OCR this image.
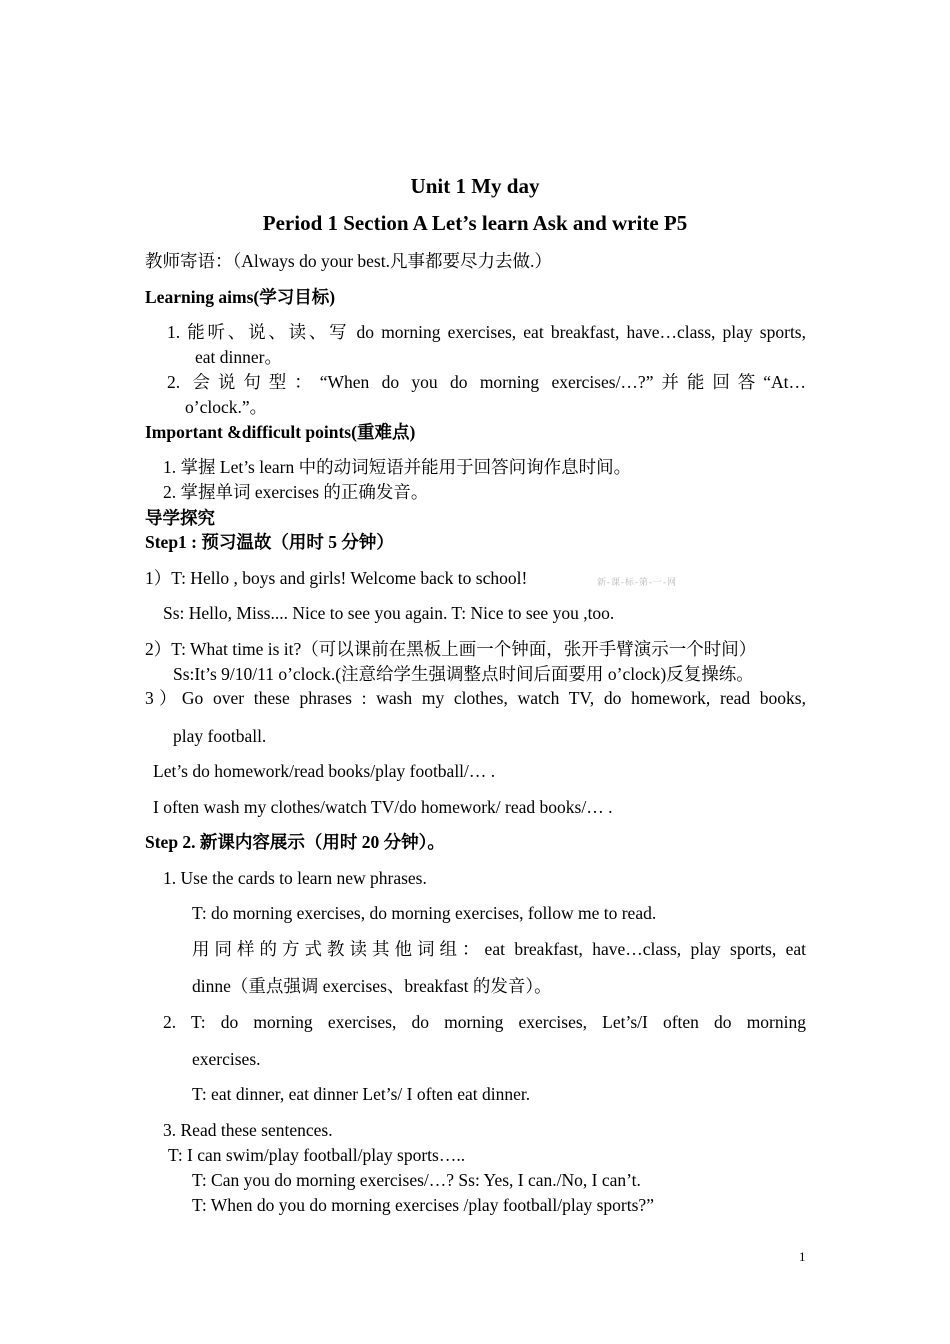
Unit 1 My day
Period 1 Section A Let’s learn Ask and write P5
教师寄语：（Always do your best.凡事都要尽力去做.）
Learning aims(学习目标)
1. 能听、说、读、写 do morning exercises, eat breakfast, have…class, play sports,
eat dinner。
2. 会说句型：“When do you do morning exercises/…?”并能回答“At…
o’clock.”。
Important &difficult points(重难点)
1. 掌握 Let’s learn 中的动词短语并能用于回答问询作息时间。
2. 掌握单词 exercises 的正确发音。
导学探究
Step1 : 预习温故（用时 5 分钟）
1）T: Hello , boys and girls! Welcome back to school!	新-课-标-第-一-网
Ss: Hello, Miss.... Nice to see you again. T: Nice to see you ,too.
2）T: What time is it?（可以课前在黑板上画一个钟面，张开手臂演示一个时间）
Ss:It’s 9/10/11 o’clock.(注意给学生强调整点时间后面要用 o’clock)反复操练。
3）Go over these phrases : wash my clothes, watch TV, do homework, read books,
play football.
Let’s do homework/read books/play football/… .
I often wash my clothes/watch TV/do homework/ read books/… .
Step 2. 新课内容展示（用时 20 分钟）。
1. Use the cards to learn new phrases.
T: do morning exercises, do morning exercises, follow me to read.
用同样的方式教读其他词组：eat breakfast, have…class, play sports, eat
dinne（重点强调 exercises、breakfast 的发音）。
2. T: do morning exercises, do morning exercises, Let’s/I often do morning
exercises.
T: eat dinner, eat dinner Let’s/ I often eat dinner.
3. Read these sentences.
T: I can swim/play football/play sports…..
T: Can you do morning exercises/…? Ss: Yes, I can./No, I can’t.
T: When do you do morning exercises /play football/play sports?”
1
